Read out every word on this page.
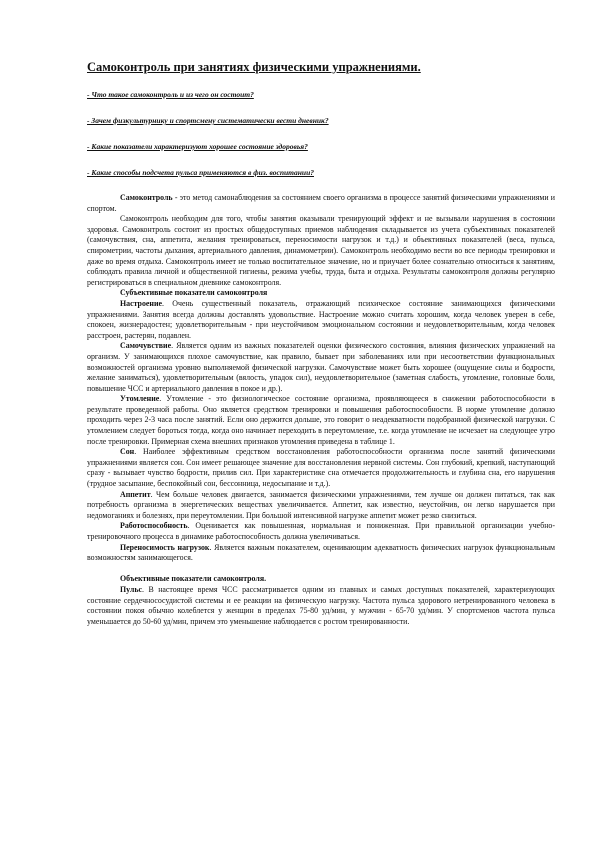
Самоконтроль при занятиях физическими упражнениями.
- Что такое самоконтроль и из чего он состоит?
- Зачем физкультурнику и спортсмену систематически вести дневник?
- Какие показатели характеризуют хорошее состояние здоровья?
- Какие способы подсчета пульса применяются в физ. воспитании?

Самоконтроль - это метод самонаблюдения за состоянием своего организма в процессе занятий физическими упражнениями и спортом.

Самоконтроль необходим для того, чтобы занятия оказывали тренирующий эффект и не вызывали нарушения в состоянии здоровья. Самоконтроль состоит из простых общедоступных приемов наблюдения складывается из учета субъективных показателей (самочувствия, сна, аппетита, желания тренироваться, переносимости нагрузок и т.д.) и объективных показателей (веса, пульса, спирометрии, частоты дыхания, артериального давления, динамометрии). Самоконтроль необходимо вести во все периоды тренировки и даже во время отдыха. Самоконтроль имеет не только воспитательное значение, но и приучает более сознательно относиться к занятиям, соблюдать правила личной и общественной гигиены, режима учебы, труда, быта и отдыха. Результаты самоконтроля должны регулярно регистрироваться в специальном дневнике самоконтроля.

Субъективные показатели самоконтроля

Настроение. Очень существенный показатель, отражающий психическое состояние занимающихся физическими упражнениями. Занятия всегда должны доставлять удовольствие. Настроение можно считать хорошим, когда человек уверен в себе, спокоен, жизнерадостен; удовлетворительным - при неустойчивом эмоциональном состоянии и неудовлетворительным, когда человек расстроен, растерян, подавлен.

Самочувствие. Является одним из важных показателей оценки физического состояния, влияния физических упражнений на организм. У занимающихся плохое самочувствие, как правило, бывает при заболеваниях или при несоответствии функциональных возможностей организма уровню выполняемой физической нагрузки. Самочувствие может быть хорошее (ощущение силы и бодрости, желание заниматься), удовлетворительным (вялость, упадок сил), неудовлетворительное (заметная слабость, утомление, головные боли, повышение ЧСС и артериального давления в покое и др.).

Утомление. Утомление - это физиологическое состояние организма, проявляющееся в снижении работоспособности в результате проведенной работы. Оно является средством тренировки и повышения работоспособности. В норме утомление должно проходить через 2-3 часа после занятий. Если оно держится дольше, это говорит о неадекватности подобранной физической нагрузки. С утомлением следует бороться тогда, когда оно начинает переходить в переутомление, т.е. когда утомление не исчезает на следующее утро после тренировки. Примерная схема внешних признаков утомления приведена в таблице 1.

Сон. Наиболее эффективным средством восстановления работоспособности организма после занятий физическими упражнениями является сон. Сон имеет решающее значение для восстановления нервной системы. Сон глубокий, крепкий, наступающий сразу - вызывает чувство бодрости, прилив сил. При характеристике сна отмечается продолжительность и глубина сна, его нарушения (трудное засыпание, беспокойный сон, бессонница, недосыпание и т.д.).

Аппетит. Чем больше человек двигается, занимается физическими упражнениями, тем лучше он должен питаться, так как потребность организма в энергетических веществах увеличивается. Аппетит, как известно, неустойчив, он легко нарушается при недомоганиях и болезнях, при переутомлении. При большой интенсивной нагрузке аппетит может резко снизиться.

Работоспособность. Оценивается как повышенная, нормальная и пониженная. При правильной организации учебно-тренировочного процесса в динамике работоспособность должна увеличиваться.

Переносимость нагрузок. Является важным показателем, оценивающим адекватность физических нагрузок функциональным возможностям занимающегося.

Объективные показатели самоконтроля.

Пульс. В настоящее время ЧСС рассматривается одним из главных и самых доступных показателей, характеризующих состояние сердечнососудистой системы и ее реакции на физическую нагрузку. Частота пульса здорового нетренированного человека в состоянии покоя обычно колеблется у женщин в пределах 75-80 уд/мин, у мужчин - 65-70 уд/мин. У спортсменов частота пульса уменьшается до 50-60 уд/мин, причем это уменьшение наблюдается с ростом тренированности.
